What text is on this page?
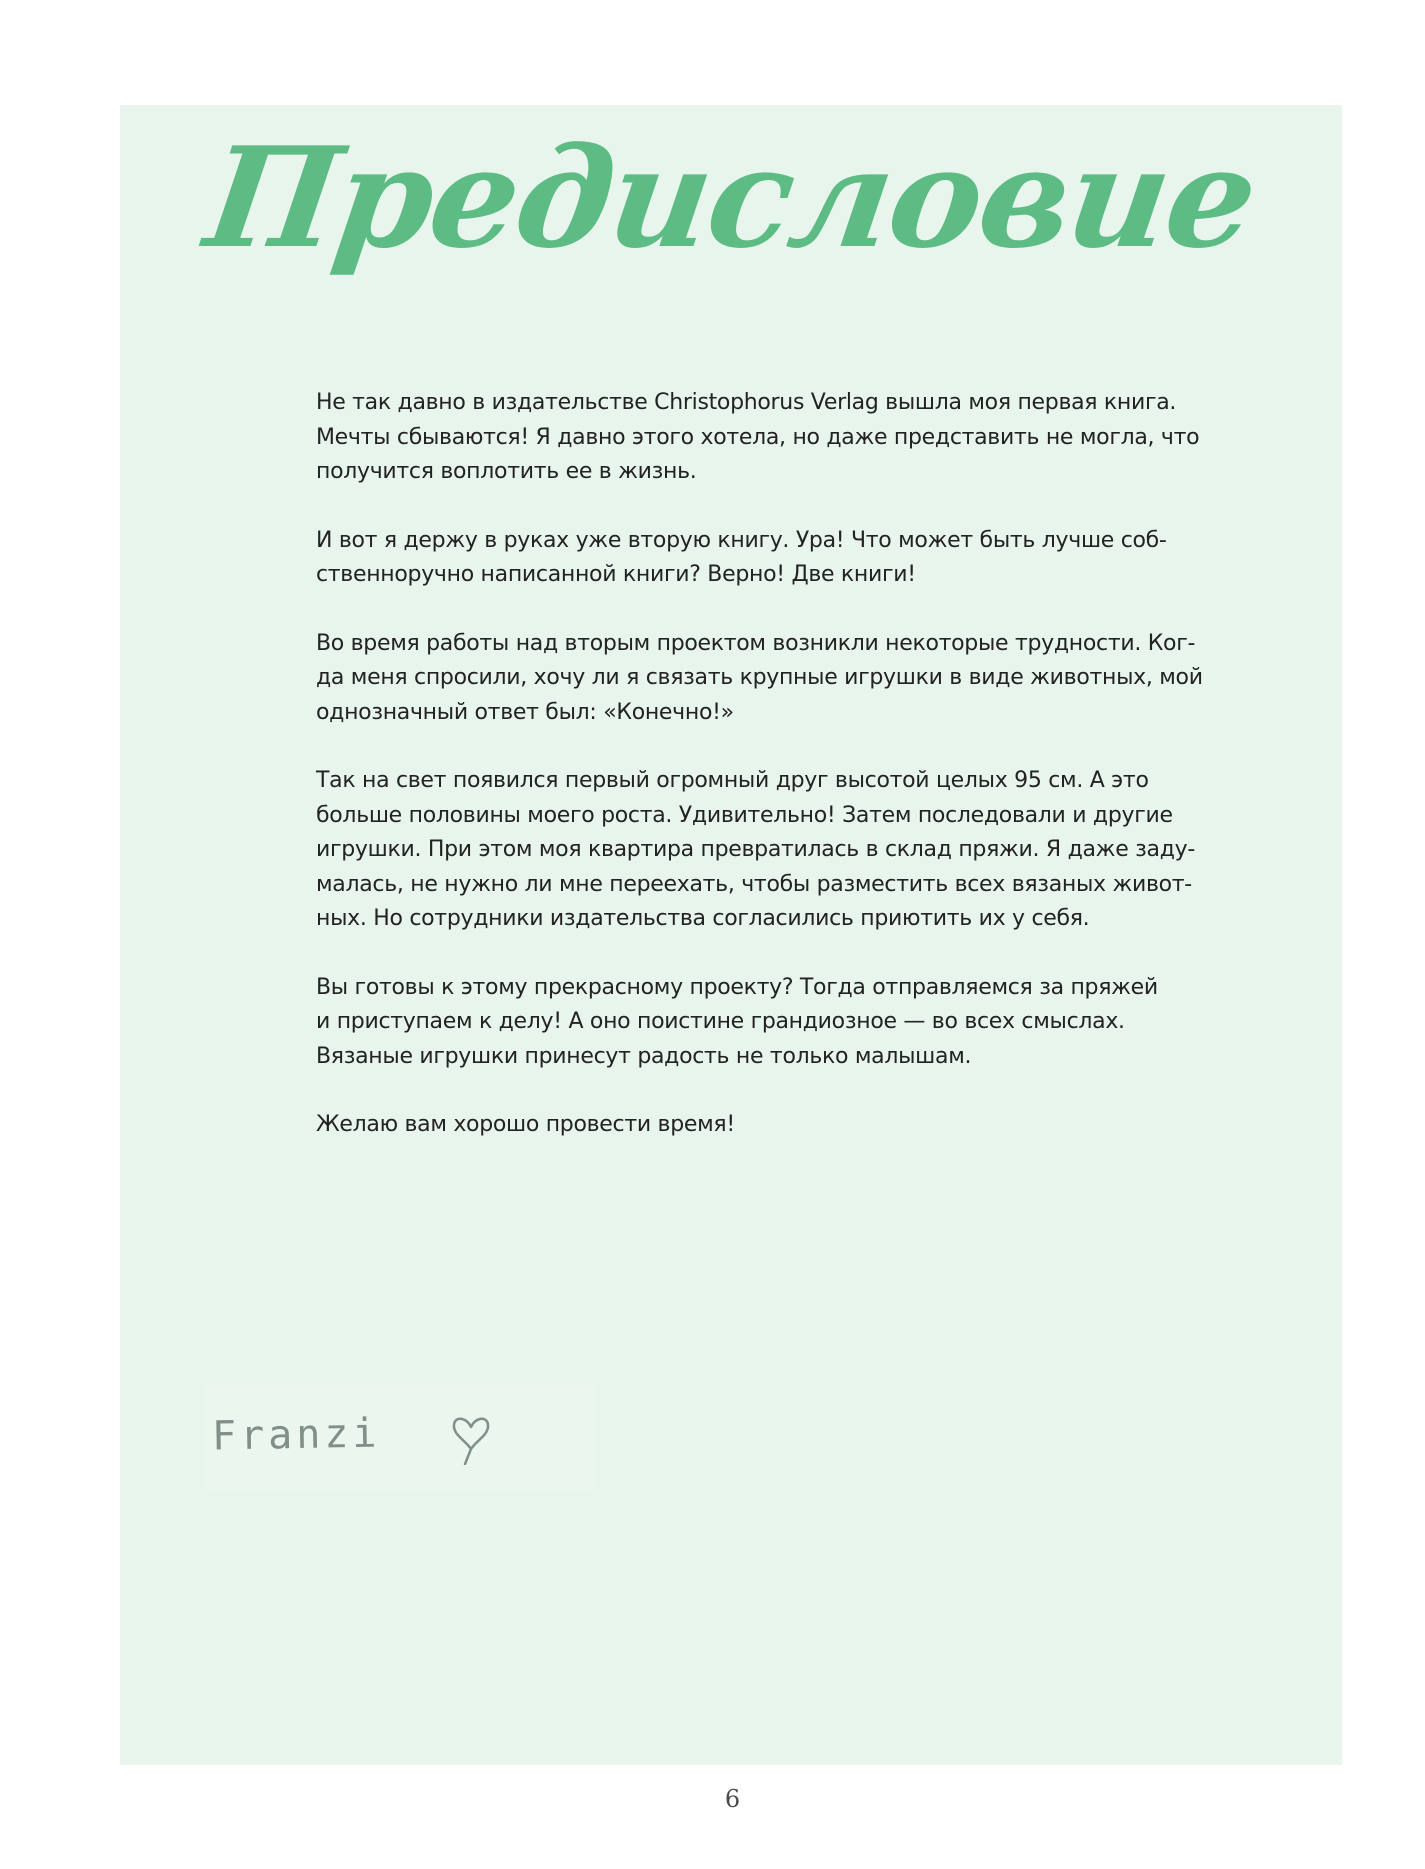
Предисловие

Не так давно в издательстве Christophorus Verlag вышла моя первая книга.
Мечты сбываются! Я давно этого хотела, но даже представить не могла, что
получится воплотить ее в жизнь.

И вот я держу в руках уже вторую книгу. Ура! Что может быть лучше соб-
ственноручно написанной книги? Верно! Две книги!

Во время работы над вторым проектом возникли некоторые трудности. Ког-
да меня спросили, хочу ли я связать крупные игрушки в виде животных, мой
однозначный ответ был: «Конечно!»

Так на свет появился первый огромный друг высотой целых 95 см. А это
больше половины моего роста. Удивительно! Затем последовали и другие
игрушки. При этом моя квартира превратилась в склад пряжи. Я даже заду-
малась, не нужно ли мне переехать, чтобы разместить всех вязаных живот-
ных. Но сотрудники издательства согласились приютить их у себя.

Вы готовы к этому прекрасному проекту? Тогда отправляемся за пряжей
и приступаем к делу! А оно поистине грандиозное — во всех смыслах.
Вязаные игрушки принесут радость не только малышам.

Желаю вам хорошо провести время!

Franzi
6
